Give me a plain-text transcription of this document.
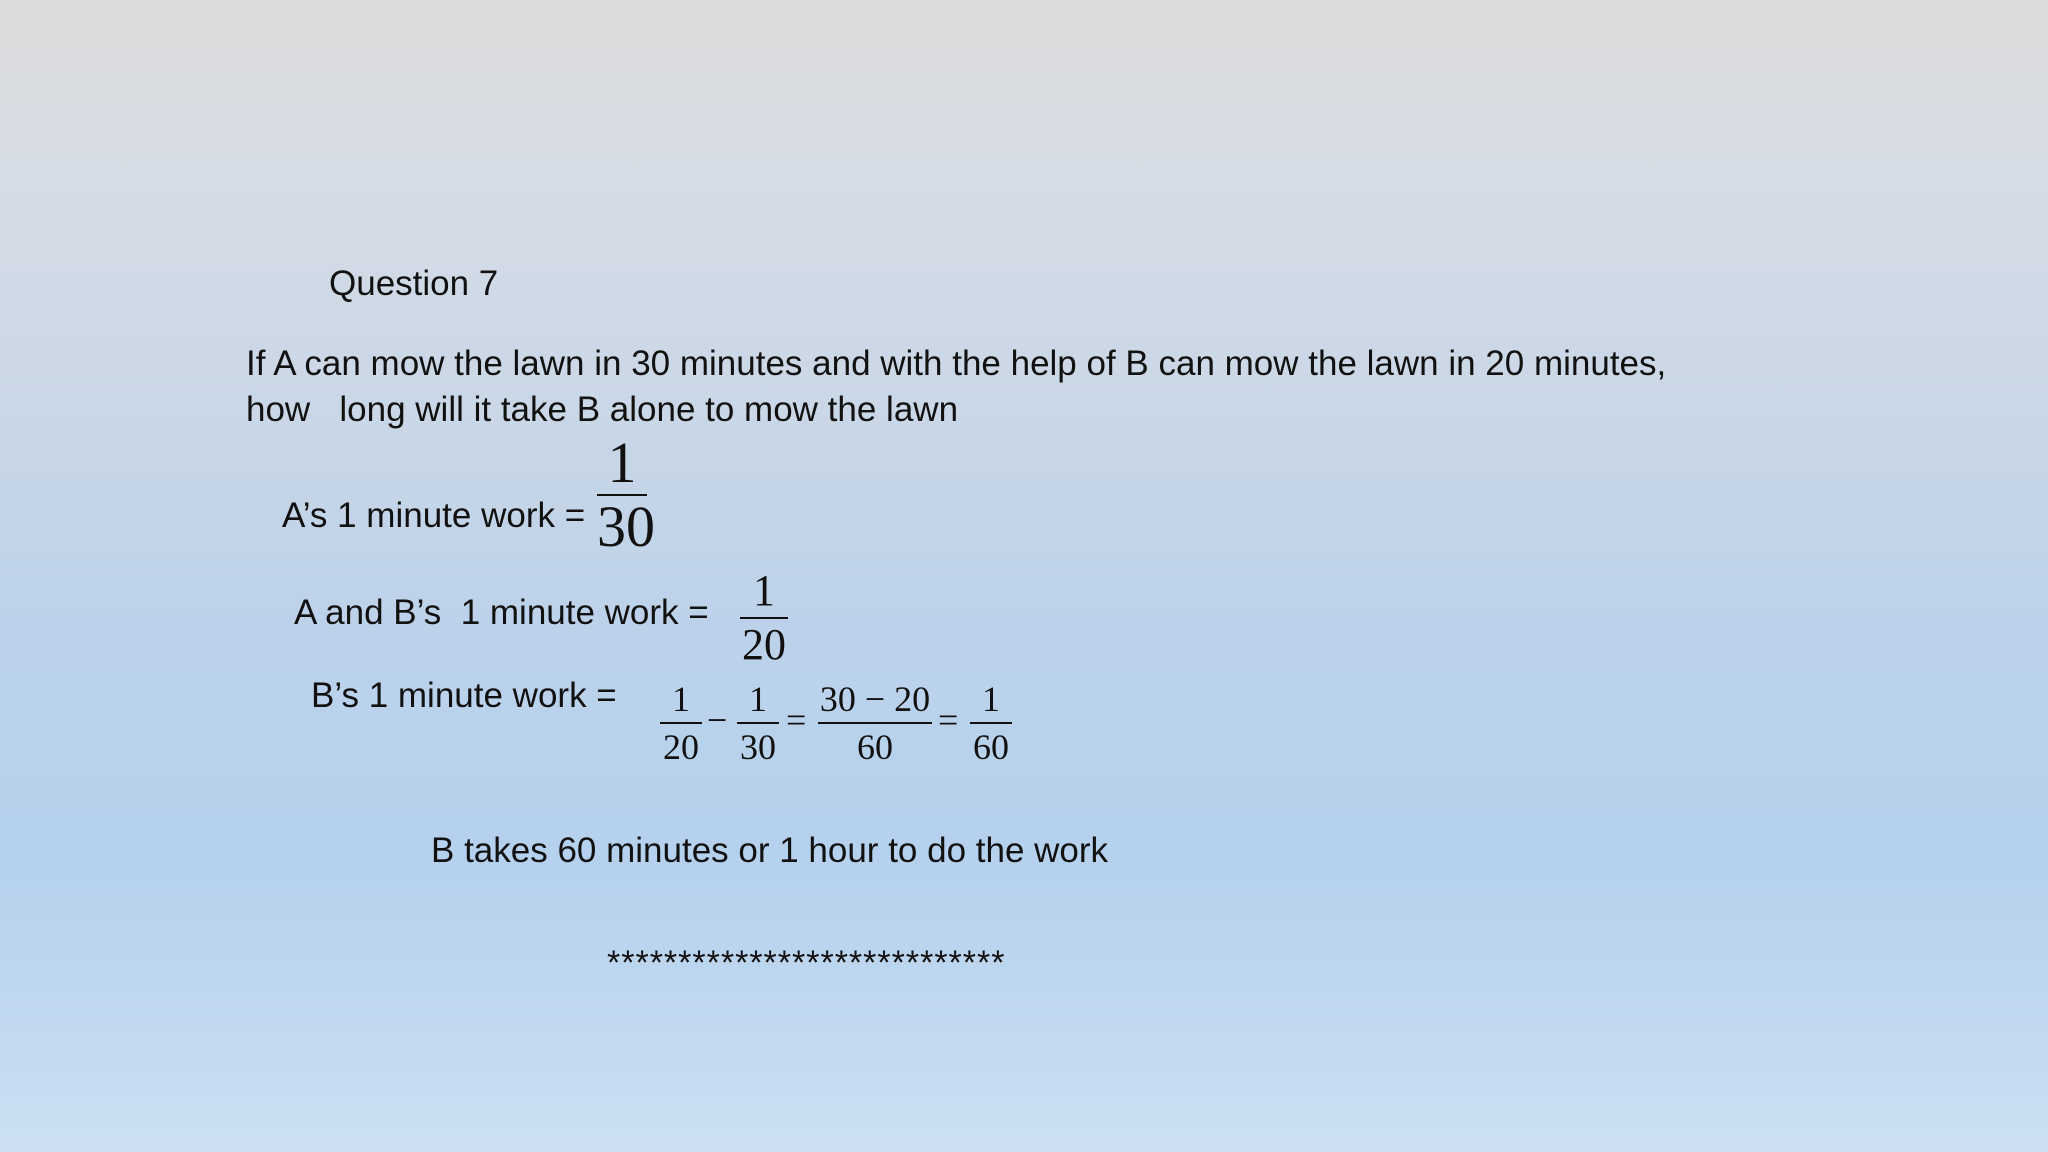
Question 7
If A can mow the lawn in 30 minutes and with the help of B can mow the lawn in 20 minutes,
how   long will it take B alone to mow the lawn
A’s 1 minute work =
1
30
A and B’s  1 minute work = 1
20
B’s 1 minute work =	1
20
−
1
30
=
30 − 20
60
=
1
60
B takes 60 minutes or 1 hour to do the work
****************************
